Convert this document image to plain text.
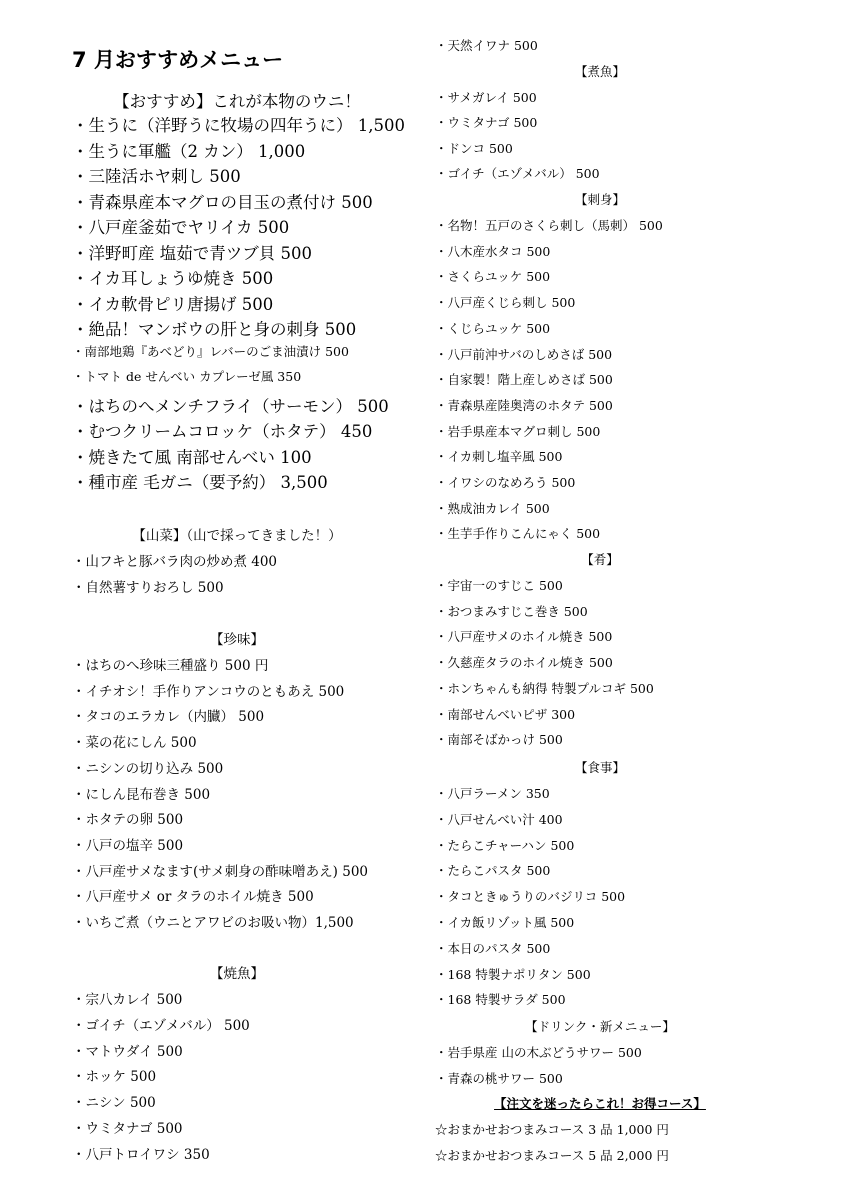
7 月おすすめメニュー
【おすすめ】これが本物のウニ！
・生うに（洋野うに牧場の四年うに） 1,500
・生うに軍艦（2 カン） 1,000
・三陸活ホヤ刺し 500
・青森県産本マグロの目玉の煮付け 500
・八戸産釜茹でヤリイカ 500
・洋野町産 塩茹で青ツブ貝 500
・イカ耳しょうゆ焼き 500
・イカ軟骨ピリ唐揚げ 500
・絶品！マンボウの肝と身の刺身 500
・南部地鶏『あべどり』レバーのごま油漬け 500
・トマト de せんべい カプレーゼ風 350
・はちのへメンチフライ（サーモン） 500
・むつクリームコロッケ（ホタテ） 450
・焼きたて風 南部せんべい 100
・種市産 毛ガニ（要予約） 3,500
【山菜】（山で採ってきました！）
・山フキと豚バラ肉の炒め煮 400
・自然薯すりおろし 500
【珍味】
・はちのへ珍味三種盛り 500 円
・イチオシ！手作りアンコウのともあえ 500
・タコのエラカレ（内臓） 500
・菜の花にしん 500
・ニシンの切り込み 500
・にしん昆布巻き 500
・ホタテの卵 500
・八戸の塩辛 500
・八戸産サメなます(サメ刺身の酢味噌あえ) 500
・八戸産サメ or タラのホイル焼き 500
・いちご煮（ウニとアワビのお吸い物）1,500
【焼魚】
・宗八カレイ 500
・ゴイチ（エゾメバル） 500
・マトウダイ 500
・ホッケ 500
・ニシン 500
・ウミタナゴ 500
・八戸トロイワシ 350
・天然イワナ 500
【煮魚】
・サメガレイ 500
・ウミタナゴ 500
・ドンコ 500
・ゴイチ（エゾメバル） 500
【刺身】
・名物！五戸のさくら刺し（馬刺） 500
・八木産水タコ 500
・さくらユッケ 500
・八戸産くじら刺し 500
・くじらユッケ 500
・八戸前沖サバのしめさば 500
・自家製！階上産しめさば 500
・青森県産陸奥湾のホタテ 500
・岩手県産本マグロ刺し 500
・イカ刺し塩辛風 500
・イワシのなめろう 500
・熟成油カレイ 500
・生芋手作りこんにゃく 500
【肴】
・宇宙一のすじこ 500
・おつまみすじこ巻き 500
・八戸産サメのホイル焼き 500
・久慈産タラのホイル焼き 500
・ホンちゃんも納得 特製プルコギ 500
・南部せんべいピザ 300
・南部そばかっけ 500
【食事】
・八戸ラーメン 350
・八戸せんべい汁 400
・たらこチャーハン 500
・たらこパスタ 500
・タコときゅうりのバジリコ 500
・イカ飯リゾット風 500
・本日のパスタ 500
・168 特製ナポリタン 500
・168 特製サラダ 500
【ドリンク・新メニュー】
・岩手県産 山の木ぶどうサワー 500
・青森の桃サワー 500
【注文を迷ったらこれ！お得コース】
☆おまかせおつまみコース 3 品 1,000 円
☆おまかせおつまみコース 5 品 2,000 円
